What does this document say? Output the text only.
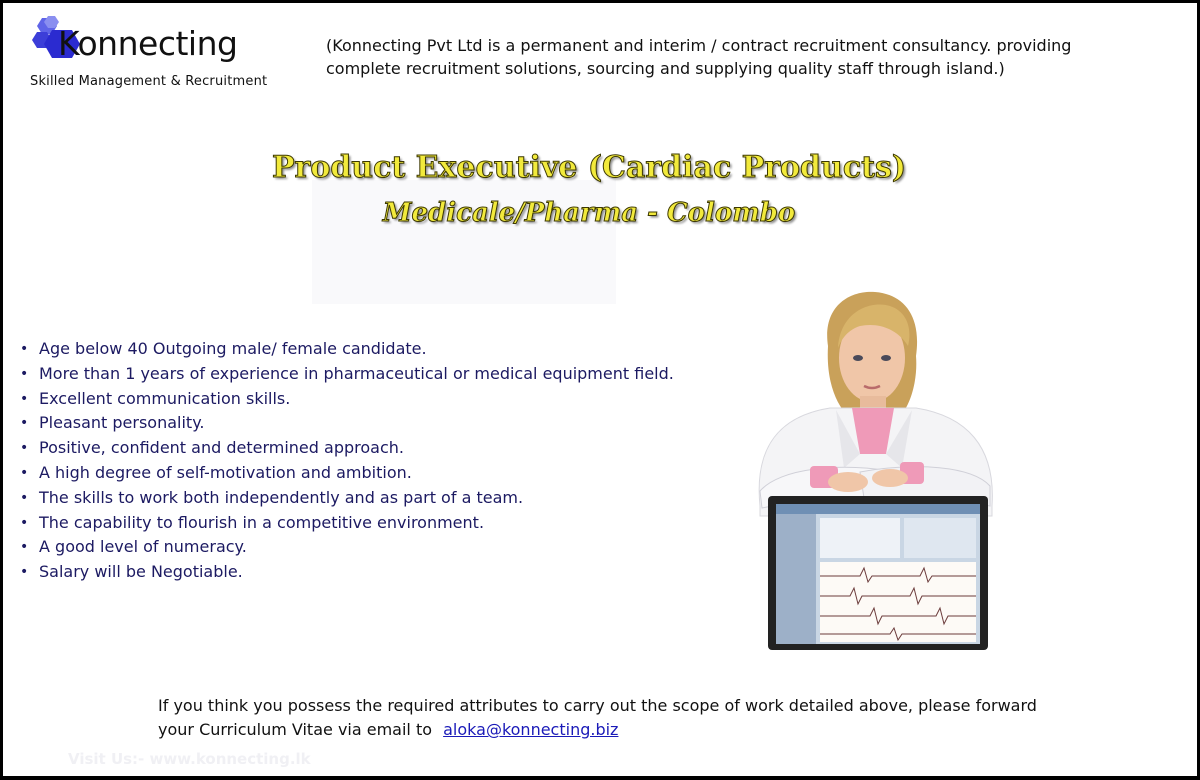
Konnecting
Skilled Management & Recruitment
(Konnecting Pvt Ltd is a permanent and interim / contract recruitment consultancy. providing
complete recruitment solutions, sourcing and supplying quality staff through island.)
Product Executive (Cardiac Products)
Medicale/Pharma - Colombo
• Age below 40 Outgoing male/ female candidate.
• More than 1 years of experience in pharmaceutical or medical equipment field.
• Excellent communication skills.
• Pleasant personality.
• Positive, confident and determined approach.
• A high degree of self-motivation and ambition.
• The skills to work both independently and as part of a team.
• The capability to flourish in a competitive environment.
• A good level of numeracy.
• Salary will be Negotiable.
If you think you possess the required attributes to carry out the scope of work detailed above, please forward
your Curriculum Vitae via email to aloka@konnecting.biz
Visit Us:- www.konnecting.lk
